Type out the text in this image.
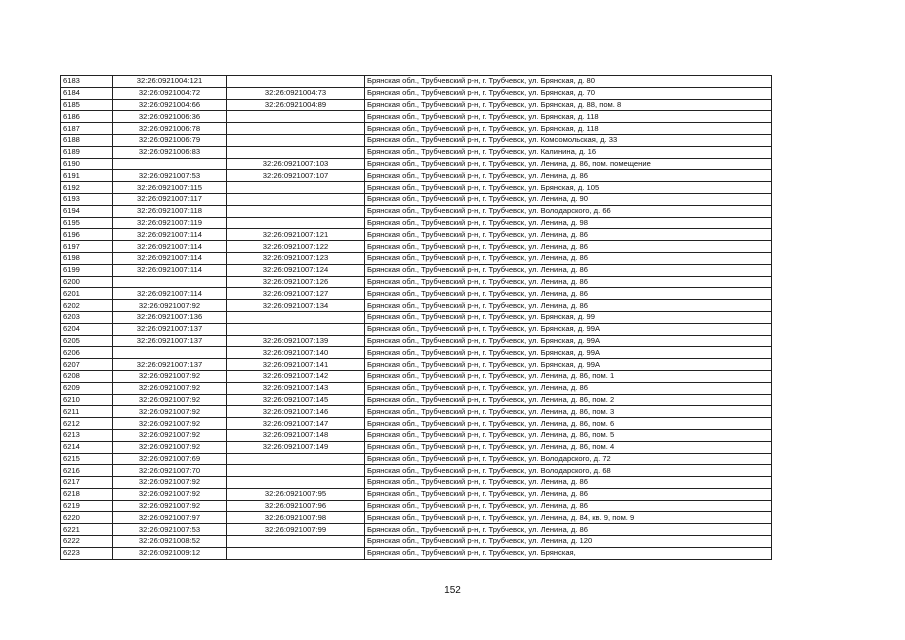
6183	32:26:0921004:121		Брянская обл., Трубчевский р-н, г. Трубчевск, ул. Брянская, д. 80
6184	32:26:0921004:72	32:26:0921004:73	Брянская обл., Трубчевский р-н, г. Трубчевск, ул. Брянская, д. 70
6185	32:26:0921004:66	32:26:0921004:89	Брянская обл., Трубчевский р-н, г. Трубчевск, ул. Брянская, д. 88, пом. 8
6186	32:26:0921006:36		Брянская обл., Трубчевский р-н, г. Трубчевск, ул. Брянская, д. 118
6187	32:26:0921006:78		Брянская обл., Трубчевский р-н, г. Трубчевск, ул. Брянская, д. 118
6188	32:26:0921006:79		Брянская обл., Трубчевский р-н, г. Трубчевск, ул. Комсомольская, д. 33
6189	32:26:0921006:83		Брянская обл., Трубчевский р-н, г. Трубчевск, ул. Калинина, д. 16
6190		32:26:0921007:103	Брянская обл., Трубчевский р-н, г. Трубчевск, ул. Ленина, д. 86, пом. помещение
6191	32:26:0921007:53	32:26:0921007:107	Брянская обл., Трубчевский р-н, г. Трубчевск, ул. Ленина, д. 86
6192	32:26:0921007:115		Брянская обл., Трубчевский р-н, г. Трубчевск, ул. Брянская, д. 105
6193	32:26:0921007:117		Брянская обл., Трубчевский р-н, г. Трубчевск, ул. Ленина, д. 90
6194	32:26:0921007:118		Брянская обл., Трубчевский р-н, г. Трубчевск, ул. Володарского, д. 66
6195	32:26:0921007:119		Брянская обл., Трубчевский р-н, г. Трубчевск, ул. Ленина, д. 98
6196	32:26:0921007:114	32:26:0921007:121	Брянская обл., Трубчевский р-н, г. Трубчевск, ул. Ленина, д. 86
6197	32:26:0921007:114	32:26:0921007:122	Брянская обл., Трубчевский р-н, г. Трубчевск, ул. Ленина, д. 86
6198	32:26:0921007:114	32:26:0921007:123	Брянская обл., Трубчевский р-н, г. Трубчевск, ул. Ленина, д. 86
6199	32:26:0921007:114	32:26:0921007:124	Брянская обл., Трубчевский р-н, г. Трубчевск, ул. Ленина, д. 86
6200		32:26:0921007:126	Брянская обл., Трубчевский р-н, г. Трубчевск, ул. Ленина, д. 86
6201	32:26:0921007:114	32:26:0921007:127	Брянская обл., Трубчевский р-н, г. Трубчевск, ул. Ленина, д. 86
6202	32:26:0921007:92	32:26:0921007:134	Брянская обл., Трубчевский р-н, г. Трубчевск, ул. Ленина, д. 86
6203	32:26:0921007:136		Брянская обл., Трубчевский р-н, г. Трубчевск, ул. Брянская, д. 99
6204	32:26:0921007:137		Брянская обл., Трубчевский р-н, г. Трубчевск, ул. Брянская, д. 99А
6205	32:26:0921007:137	32:26:0921007:139	Брянская обл., Трубчевский р-н, г. Трубчевск, ул. Брянская, д. 99А
6206		32:26:0921007:140	Брянская обл., Трубчевский р-н, г. Трубчевск, ул. Брянская, д. 99А
6207	32:26:0921007:137	32:26:0921007:141	Брянская обл., Трубчевский р-н, г. Трубчевск, ул. Брянская, д. 99А
6208	32:26:0921007:92	32:26:0921007:142	Брянская обл., Трубчевский р-н, г. Трубчевск, ул. Ленина, д. 86, пом. 1
6209	32:26:0921007:92	32:26:0921007:143	Брянская обл., Трубчевский р-н, г. Трубчевск, ул. Ленина, д. 86
6210	32:26:0921007:92	32:26:0921007:145	Брянская обл., Трубчевский р-н, г. Трубчевск, ул. Ленина, д. 86, пом. 2
6211	32:26:0921007:92	32:26:0921007:146	Брянская обл., Трубчевский р-н, г. Трубчевск, ул. Ленина, д. 86, пом. 3
6212	32:26:0921007:92	32:26:0921007:147	Брянская обл., Трубчевский р-н, г. Трубчевск, ул. Ленина, д. 86, пом. 6
6213	32:26:0921007:92	32:26:0921007:148	Брянская обл., Трубчевский р-н, г. Трубчевск, ул. Ленина, д. 86, пом. 5
6214	32:26:0921007:92	32:26:0921007:149	Брянская обл., Трубчевский р-н, г. Трубчевск, ул. Ленина, д. 86, пом. 4
6215	32:26:0921007:69		Брянская обл., Трубчевский р-н, г. Трубчевск, ул. Володарского, д. 72
6216	32:26:0921007:70		Брянская обл., Трубчевский р-н, г. Трубчевск, ул. Володарского, д. 68
6217	32:26:0921007:92		Брянская обл., Трубчевский р-н, г. Трубчевск, ул. Ленина, д. 86
6218	32:26:0921007:92	32:26:0921007:95	Брянская обл., Трубчевский р-н, г. Трубчевск, ул. Ленина, д. 86
6219	32:26:0921007:92	32:26:0921007:96	Брянская обл., Трубчевский р-н, г. Трубчевск, ул. Ленина, д. 86
6220	32:26:0921007:97	32:26:0921007:98	Брянская обл., Трубчевский р-н, г. Трубчевск, ул. Ленина, д. 84, кв. 9, пом. 9
6221	32:26:0921007:53	32:26:0921007:99	Брянская обл., Трубчевский р-н, г. Трубчевск, ул. Ленина, д. 86
6222	32:26:0921008:52		Брянская обл., Трубчевский р-н, г. Трубчевск, ул. Ленина, д. 120
6223	32:26:0921009:12		Брянская обл., Трубчевский р-н, г. Трубчевск, ул. Брянская,
152
